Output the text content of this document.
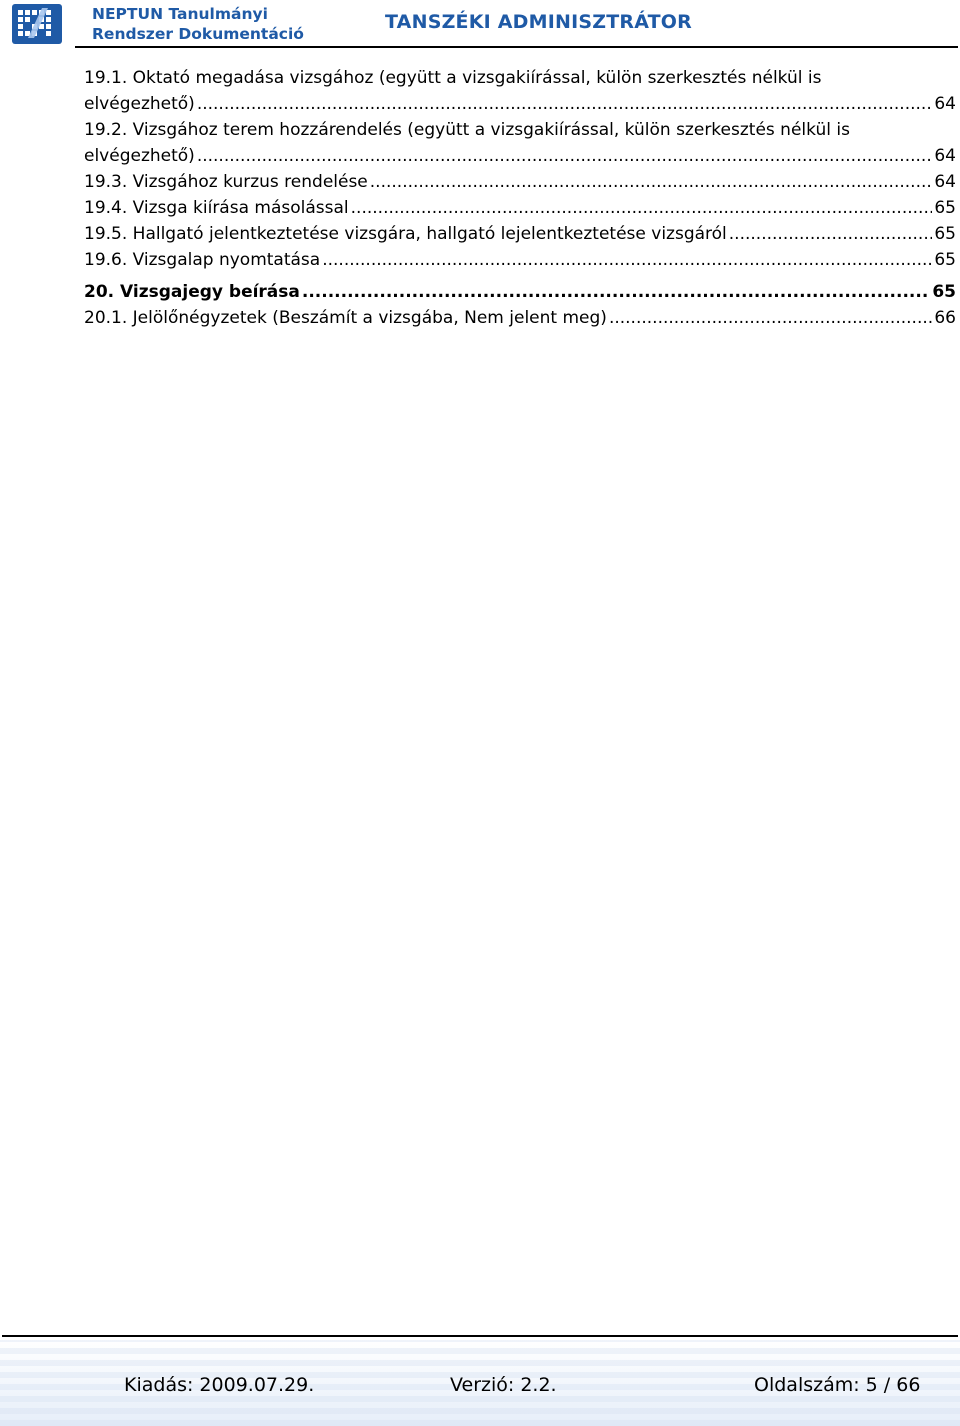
NEPTUN Tanulmányi
Rendszer Dokumentáció
TANSZÉKI ADMINISZTRÁTOR
19.1. Oktató megadása vizsgához (együtt a vizsgakiírással, külön szerkesztés nélkül is
elvégezhető) .....	64
19.2. Vizsgához terem hozzárendelés (együtt a vizsgakiírással, külön szerkesztés nélkül is
elvégezhető) .....	64
19.3. Vizsgához kurzus rendelése .....	64
19.4. Vizsga kiírása másolással .....	65
19.5. Hallgató jelentkeztetése vizsgára, hallgató lejelentkeztetése vizsgáról .....	65
19.6. Vizsgalap nyomtatása .....	65
20. Vizsgajegy beírása .....	65
20.1. Jelölőnégyzetek (Beszámít a vizsgába, Nem jelent meg) .....	66
Kiadás: 2009.07.29.	Verzió: 2.2.	Oldalszám: 5 / 66
